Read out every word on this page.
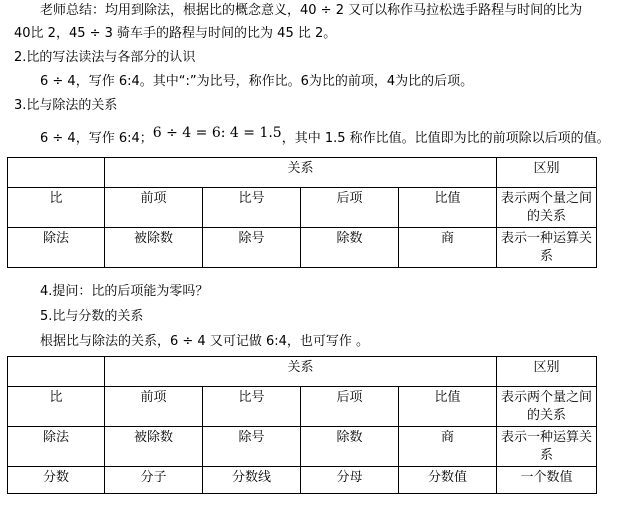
老师总结：均用到除法，根据比的概念意义，40 ÷ 2 又可以称作马拉松选手路程与时间的比为
40比 2，45 ÷ 3 骑车手的路程与时间的比为 45 比 2。
2.比的写法读法与各部分的认识
6 ÷ 4，写作 6:4。其中“:”为比号，称作比。6为比的前项，4为比的后项。
3.比与除法的关系
6 ÷ 4，写作 6:4；6 ÷ 4 = 6: 4 = 1.5，其中 1.5 称作比值。比值即为比的前项除以后项的值。
	关系				区别
比	前项	比号	后项	比值	表示两个量之间的关系
除法	被除数	除号	除数	商	表示一种运算关系
4.提问：比的后项能为零吗？
5.比与分数的关系
根据比与除法的关系，6 ÷ 4 又可记做 6:4，也可写作 。
	关系				区别
比	前项	比号	后项	比值	表示两个量之间的关系
除法	被除数	除号	除数	商	表示一种运算关系
分数	分子	分数线	分母	分数值	一个数值
